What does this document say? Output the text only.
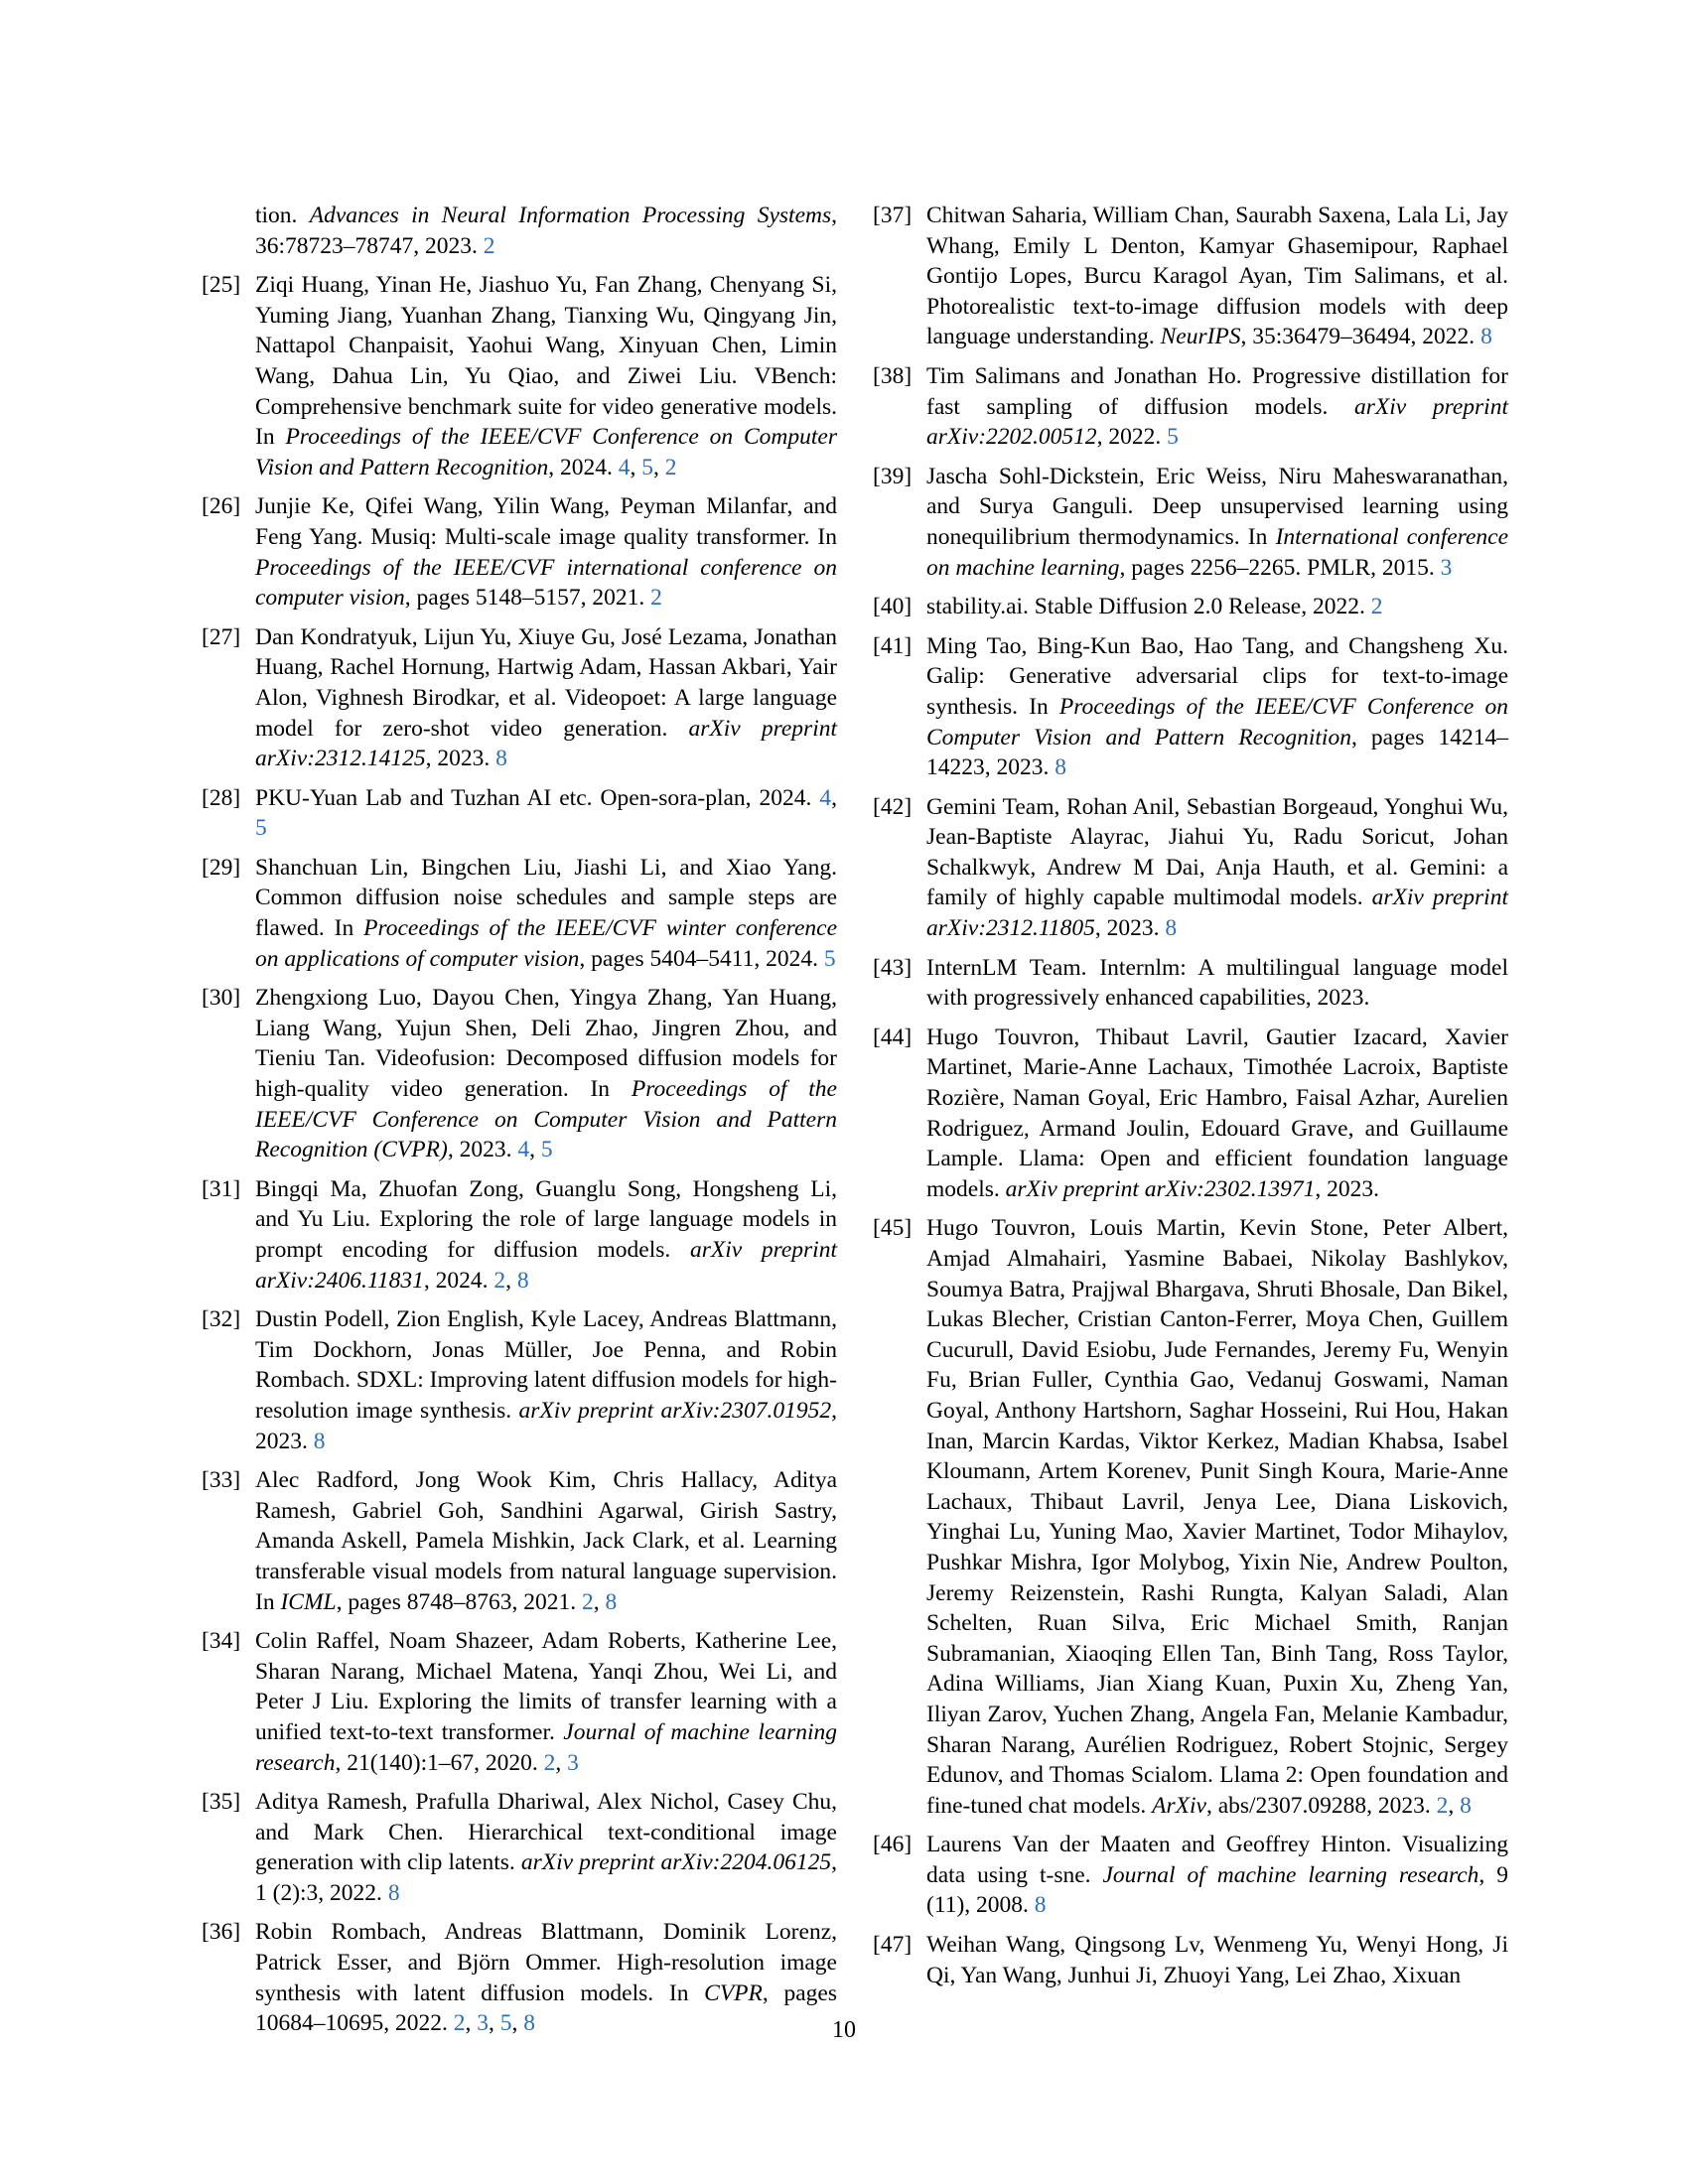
tion. Advances in Neural Information Processing Systems, 36:78723–78747, 2023. 2
[25] Ziqi Huang, Yinan He, Jiashuo Yu, Fan Zhang, Chenyang Si, Yuming Jiang, Yuanhan Zhang, Tianxing Wu, Qingyang Jin, Nattapol Chanpaisit, Yaohui Wang, Xinyuan Chen, Limin Wang, Dahua Lin, Yu Qiao, and Ziwei Liu. VBench: Comprehensive benchmark suite for video generative models. In Proceedings of the IEEE/CVF Conference on Computer Vision and Pattern Recognition, 2024. 4, 5, 2
[26] Junjie Ke, Qifei Wang, Yilin Wang, Peyman Milanfar, and Feng Yang. Musiq: Multi-scale image quality transformer. In Proceedings of the IEEE/CVF international conference on computer vision, pages 5148–5157, 2021. 2
[27] Dan Kondratyuk, Lijun Yu, Xiuye Gu, José Lezama, Jonathan Huang, Rachel Hornung, Hartwig Adam, Hassan Akbari, Yair Alon, Vighnesh Birodkar, et al. Videopoet: A large language model for zero-shot video generation. arXiv preprint arXiv:2312.14125, 2023. 8
[28] PKU-Yuan Lab and Tuzhan AI etc. Open-sora-plan, 2024. 4, 5
[29] Shanchuan Lin, Bingchen Liu, Jiashi Li, and Xiao Yang. Common diffusion noise schedules and sample steps are flawed. In Proceedings of the IEEE/CVF winter conference on applications of computer vision, pages 5404–5411, 2024. 5
[30] Zhengxiong Luo, Dayou Chen, Yingya Zhang, Yan Huang, Liang Wang, Yujun Shen, Deli Zhao, Jingren Zhou, and Tieniu Tan. Videofusion: Decomposed diffusion models for high-quality video generation. In Proceedings of the IEEE/CVF Conference on Computer Vision and Pattern Recognition (CVPR), 2023. 4, 5
[31] Bingqi Ma, Zhuofan Zong, Guanglu Song, Hongsheng Li, and Yu Liu. Exploring the role of large language models in prompt encoding for diffusion models. arXiv preprint arXiv:2406.11831, 2024. 2, 8
[32] Dustin Podell, Zion English, Kyle Lacey, Andreas Blattmann, Tim Dockhorn, Jonas Müller, Joe Penna, and Robin Rombach. SDXL: Improving latent diffusion models for high-resolution image synthesis. arXiv preprint arXiv:2307.01952, 2023. 8
[33] Alec Radford, Jong Wook Kim, Chris Hallacy, Aditya Ramesh, Gabriel Goh, Sandhini Agarwal, Girish Sastry, Amanda Askell, Pamela Mishkin, Jack Clark, et al. Learning transferable visual models from natural language supervision. In ICML, pages 8748–8763, 2021. 2, 8
[34] Colin Raffel, Noam Shazeer, Adam Roberts, Katherine Lee, Sharan Narang, Michael Matena, Yanqi Zhou, Wei Li, and Peter J Liu. Exploring the limits of transfer learning with a unified text-to-text transformer. Journal of machine learning research, 21(140):1–67, 2020. 2, 3
[35] Aditya Ramesh, Prafulla Dhariwal, Alex Nichol, Casey Chu, and Mark Chen. Hierarchical text-conditional image generation with clip latents. arXiv preprint arXiv:2204.06125, 1 (2):3, 2022. 8
[36] Robin Rombach, Andreas Blattmann, Dominik Lorenz, Patrick Esser, and Björn Ommer. High-resolution image synthesis with latent diffusion models. In CVPR, pages 10684–10695, 2022. 2, 3, 5, 8
[37] Chitwan Saharia, William Chan, Saurabh Saxena, Lala Li, Jay Whang, Emily L Denton, Kamyar Ghasemipour, Raphael Gontijo Lopes, Burcu Karagol Ayan, Tim Salimans, et al. Photorealistic text-to-image diffusion models with deep language understanding. NeurIPS, 35:36479–36494, 2022. 8
[38] Tim Salimans and Jonathan Ho. Progressive distillation for fast sampling of diffusion models. arXiv preprint arXiv:2202.00512, 2022. 5
[39] Jascha Sohl-Dickstein, Eric Weiss, Niru Maheswaranathan, and Surya Ganguli. Deep unsupervised learning using nonequilibrium thermodynamics. In International conference on machine learning, pages 2256–2265. PMLR, 2015. 3
[40] stability.ai. Stable Diffusion 2.0 Release, 2022. 2
[41] Ming Tao, Bing-Kun Bao, Hao Tang, and Changsheng Xu. Galip: Generative adversarial clips for text-to-image synthesis. In Proceedings of the IEEE/CVF Conference on Computer Vision and Pattern Recognition, pages 14214–14223, 2023. 8
[42] Gemini Team, Rohan Anil, Sebastian Borgeaud, Yonghui Wu, Jean-Baptiste Alayrac, Jiahui Yu, Radu Soricut, Johan Schalkwyk, Andrew M Dai, Anja Hauth, et al. Gemini: a family of highly capable multimodal models. arXiv preprint arXiv:2312.11805, 2023. 8
[43] InternLM Team. Internlm: A multilingual language model with progressively enhanced capabilities, 2023.
[44] Hugo Touvron, Thibaut Lavril, Gautier Izacard, Xavier Martinet, Marie-Anne Lachaux, Timothée Lacroix, Baptiste Rozière, Naman Goyal, Eric Hambro, Faisal Azhar, Aurelien Rodriguez, Armand Joulin, Edouard Grave, and Guillaume Lample. Llama: Open and efficient foundation language models. arXiv preprint arXiv:2302.13971, 2023.
[45] Hugo Touvron, Louis Martin, Kevin Stone, Peter Albert, Amjad Almahairi, Yasmine Babaei, Nikolay Bashlykov, Soumya Batra, Prajjwal Bhargava, Shruti Bhosale, Dan Bikel, Lukas Blecher, Cristian Canton-Ferrer, Moya Chen, Guillem Cucurull, David Esiobu, Jude Fernandes, Jeremy Fu, Wenyin Fu, Brian Fuller, Cynthia Gao, Vedanuj Goswami, Naman Goyal, Anthony Hartshorn, Saghar Hosseini, Rui Hou, Hakan Inan, Marcin Kardas, Viktor Kerkez, Madian Khabsa, Isabel Kloumann, Artem Korenev, Punit Singh Koura, Marie-Anne Lachaux, Thibaut Lavril, Jenya Lee, Diana Liskovich, Yinghai Lu, Yuning Mao, Xavier Martinet, Todor Mihaylov, Pushkar Mishra, Igor Molybog, Yixin Nie, Andrew Poulton, Jeremy Reizenstein, Rashi Rungta, Kalyan Saladi, Alan Schelten, Ruan Silva, Eric Michael Smith, Ranjan Subramanian, Xiaoqing Ellen Tan, Binh Tang, Ross Taylor, Adina Williams, Jian Xiang Kuan, Puxin Xu, Zheng Yan, Iliyan Zarov, Yuchen Zhang, Angela Fan, Melanie Kambadur, Sharan Narang, Aurélien Rodriguez, Robert Stojnic, Sergey Edunov, and Thomas Scialom. Llama 2: Open foundation and fine-tuned chat models. ArXiv, abs/2307.09288, 2023. 2, 8
[46] Laurens Van der Maaten and Geoffrey Hinton. Visualizing data using t-sne. Journal of machine learning research, 9 (11), 2008. 8
[47] Weihan Wang, Qingsong Lv, Wenmeng Yu, Wenyi Hong, Ji Qi, Yan Wang, Junhui Ji, Zhuoyi Yang, Lei Zhao, Xixuan
10
